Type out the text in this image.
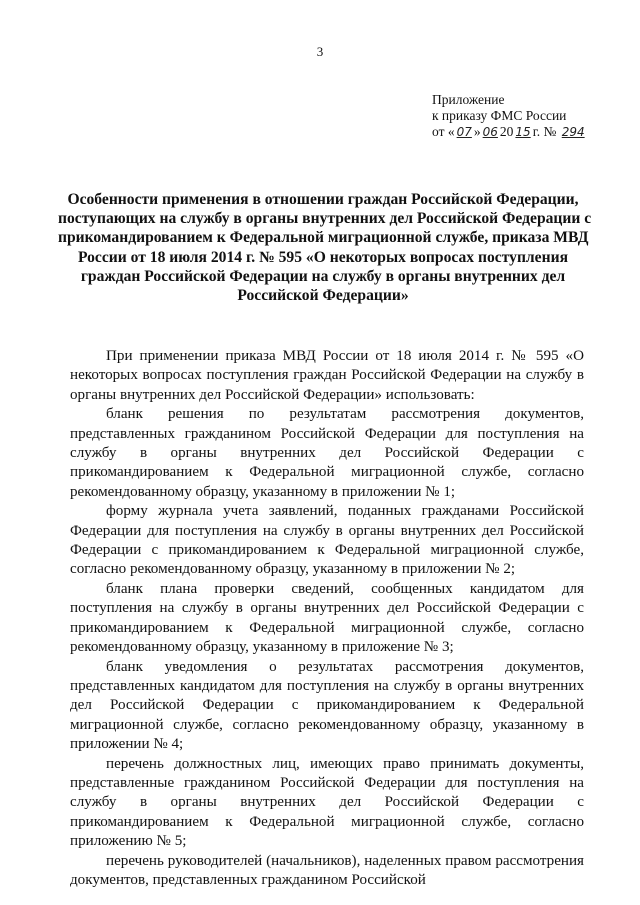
3
Приложение
к приказу ФМС России
от « 07 » 06 20 15 г. № 294
Особенности применения в отношении граждан Российской Федерации,
поступающих на службу в органы внутренних дел Российской Федерации с
прикомандированием к Федеральной миграционной службе, приказа МВД
России от 18 июля 2014 г. № 595 «О некоторых вопросах поступления
граждан Российской Федерации на службу в органы внутренних дел
Российской Федерации»

При применении приказа МВД России от 18 июля 2014 г. № 595 «О некоторых вопросах поступления граждан Российской Федерации на службу в органы внутренних дел Российской Федерации» использовать:

бланк решения по результатам рассмотрения документов, представленных гражданином Российской Федерации для поступления на службу в органы внутренних дел Российской Федерации с прикомандированием к Федеральной миграционной службе, согласно рекомендованному образцу, указанному в приложении № 1;

форму журнала учета заявлений, поданных гражданами Российской Федерации для поступления на службу в органы внутренних дел Российской Федерации с прикомандированием к Федеральной миграционной службе, согласно рекомендованному образцу, указанному в приложении № 2;

бланк плана проверки сведений, сообщенных кандидатом для поступления на службу в органы внутренних дел Российской Федерации с прикомандированием к Федеральной миграционной службе, согласно рекомендованному образцу, указанному в приложение № 3;

бланк уведомления о результатах рассмотрения документов, представленных кандидатом для поступления на службу в органы внутренних дел Российской Федерации с прикомандированием к Федеральной миграционной службе, согласно рекомендованному образцу, указанному в приложении № 4;

перечень должностных лиц, имеющих право принимать документы, представленные гражданином Российской Федерации для поступления на службу в органы внутренних дел Российской Федерации с прикомандированием к Федеральной миграционной службе, согласно приложению № 5;

перечень руководителей (начальников), наделенных правом рассмотрения документов, представленных гражданином Российской
